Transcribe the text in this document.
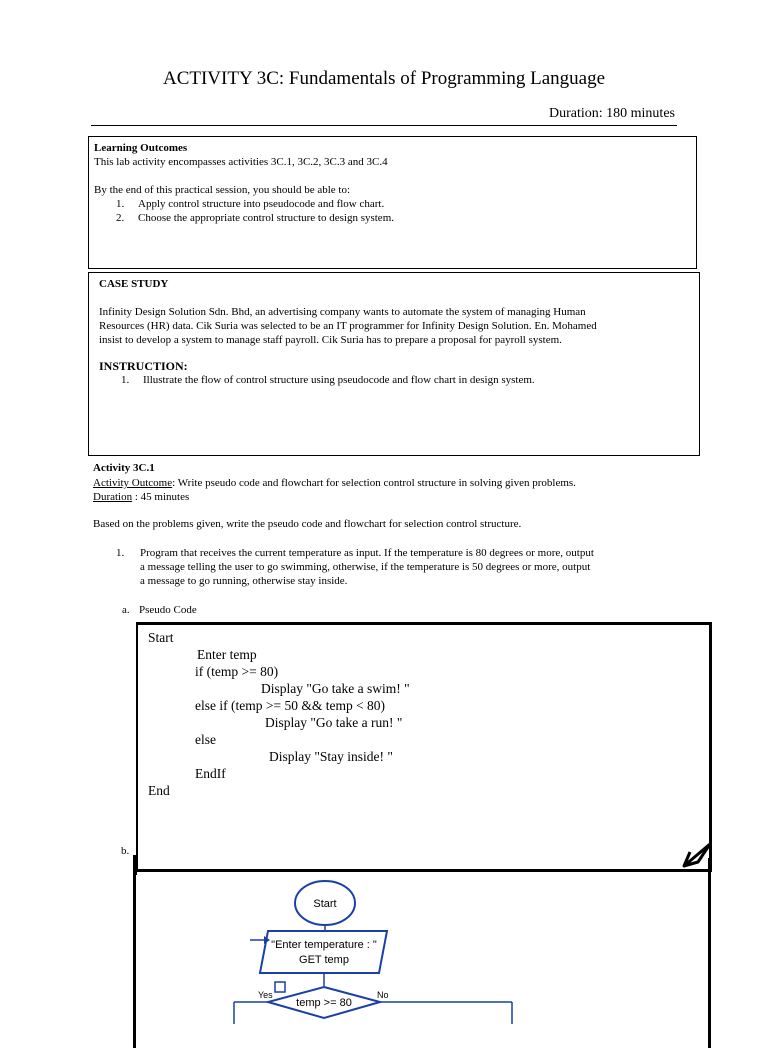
ACTIVITY 3C: Fundamentals of Programming Language
Duration: 180 minutes
Learning Outcomes
This lab activity encompasses activities 3C.1, 3C.2, 3C.3 and 3C.4
By the end of this practical session, you should be able to:
1. Apply control structure into pseudocode and flow chart.
2. Choose the appropriate control structure to design system.
CASE STUDY
Infinity Design Solution Sdn. Bhd, an advertising company wants to automate the system of managing Human
Resources (HR) data. Cik Suria was selected to be an IT programmer for Infinity Design Solution. En. Mohamed
insist to develop a system to manage staff payroll. Cik Suria has to prepare a proposal for payroll system.
INSTRUCTION:
1. Illustrate the flow of control structure using pseudocode and flow chart in design system.
Activity 3C.1
Activity Outcome: Write pseudo code and flowchart for selection control structure in solving given problems.
Duration : 45 minutes
Based on the problems given, write the pseudo code and flowchart for selection control structure.
1. Program that receives the current temperature as input. If the temperature is 80 degrees or more, output
a message telling the user to go swimming, otherwise, if the temperature is 50 degrees or more, output
a message to go running, otherwise stay inside.
a. Pseudo Code
Start
Enter temp
if (temp >= 80)
Display "Go take a swim! "
else if (temp >= 50 && temp < 80)
Display "Go take a run! "
else
Display "Stay inside! "
EndIf
End
b.
Start
"Enter temperature : "
GET temp
temp >= 80
Yes	No
